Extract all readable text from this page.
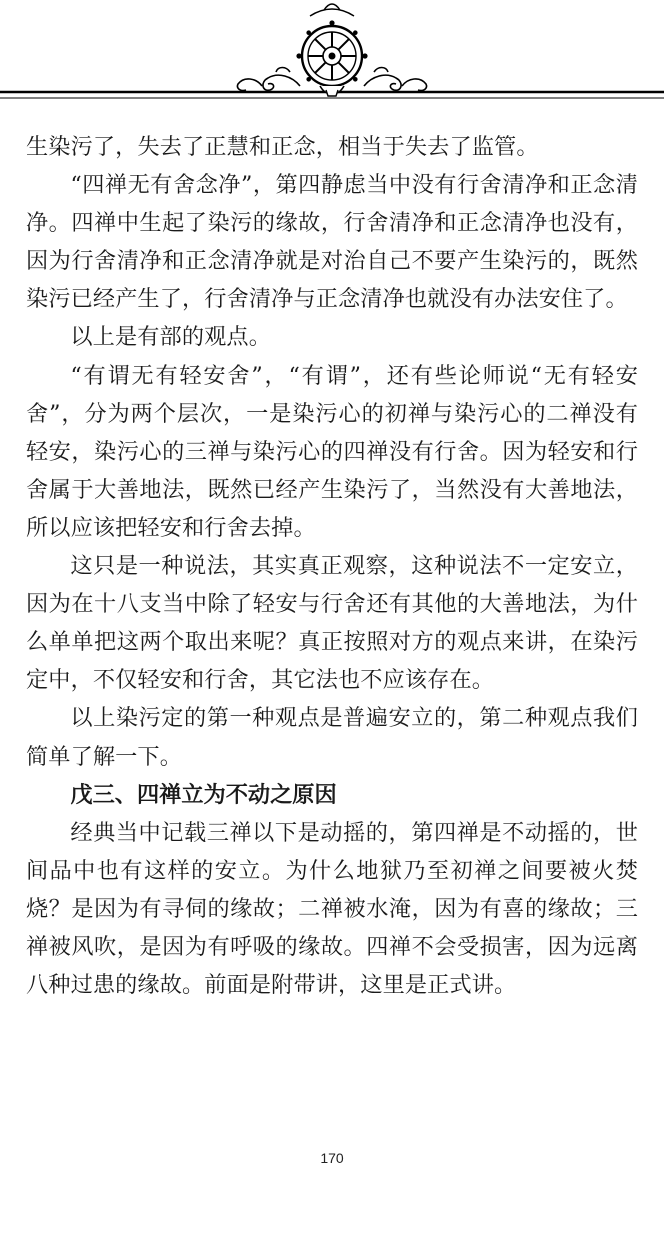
生染污了，失去了正慧和正念，相当于失去了监管。

“四禅无有舍念净”，第四静虑当中没有行舍清净和正念清净。四禅中生起了染污的缘故，行舍清净和正念清净也没有，因为行舍清净和正念清净就是对治自己不要产生染污的，既然染污已经产生了，行舍清净与正念清净也就没有办法安住了。

以上是有部的观点。

“有谓无有轻安舍”，“有谓”，还有些论师说“无有轻安舍”，分为两个层次，一是染污心的初禅与染污心的二禅没有轻安，染污心的三禅与染污心的四禅没有行舍。因为轻安和行舍属于大善地法，既然已经产生染污了，当然没有大善地法，所以应该把轻安和行舍去掉。

这只是一种说法，其实真正观察，这种说法不一定安立，因为在十八支当中除了轻安与行舍还有其他的大善地法，为什么单单把这两个取出来呢？真正按照对方的观点来讲，在染污定中，不仅轻安和行舍，其它法也不应该存在。

以上染污定的第一种观点是普遍安立的，第二种观点我们简单了解一下。

戊三、四禅立为不动之原因

经典当中记载三禅以下是动摇的，第四禅是不动摇的，世间品中也有这样的安立。为什么地狱乃至初禅之间要被火焚烧？是因为有寻伺的缘故；二禅被水淹，因为有喜的缘故；三禅被风吹，是因为有呼吸的缘故。四禅不会受损害，因为远离八种过患的缘故。前面是附带讲，这里是正式讲。

170
